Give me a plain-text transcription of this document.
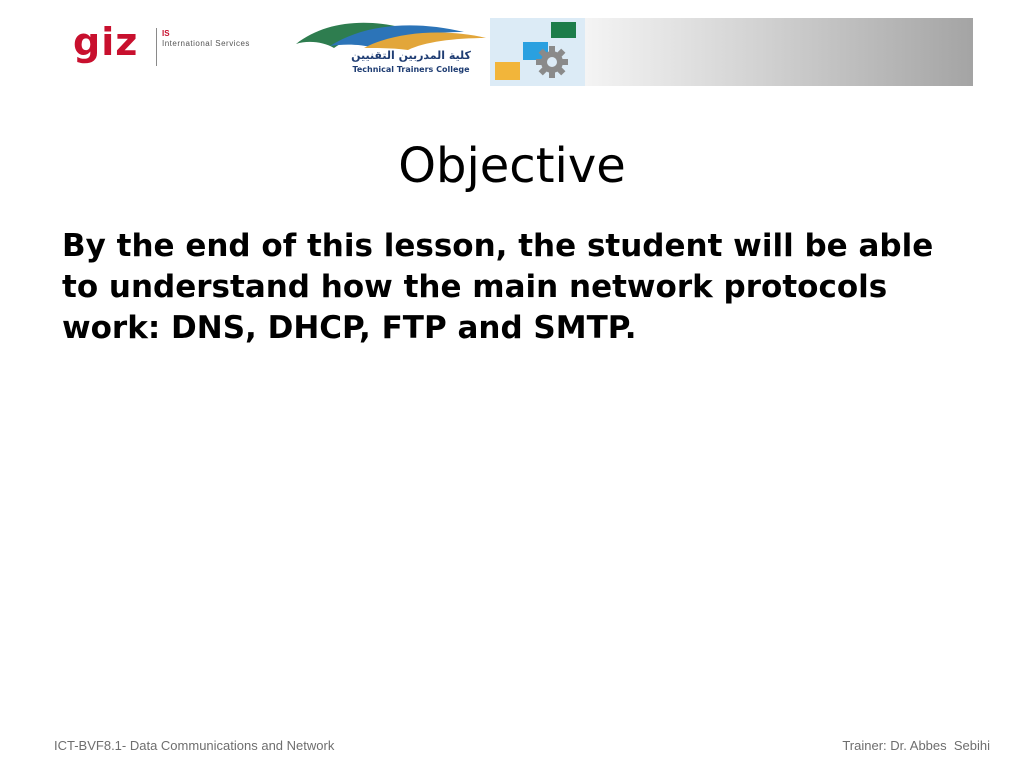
giz	IS
International Services
كلية المدربين التقنيين
Technical Trainers College
Objective

By the end of this lesson, the student will be able to understand how the main network protocols work: DNS, DHCP, FTP and SMTP.

ICT-BVF8.1- Data Communications and Network	Trainer: Dr. Abbes  Sebihi
